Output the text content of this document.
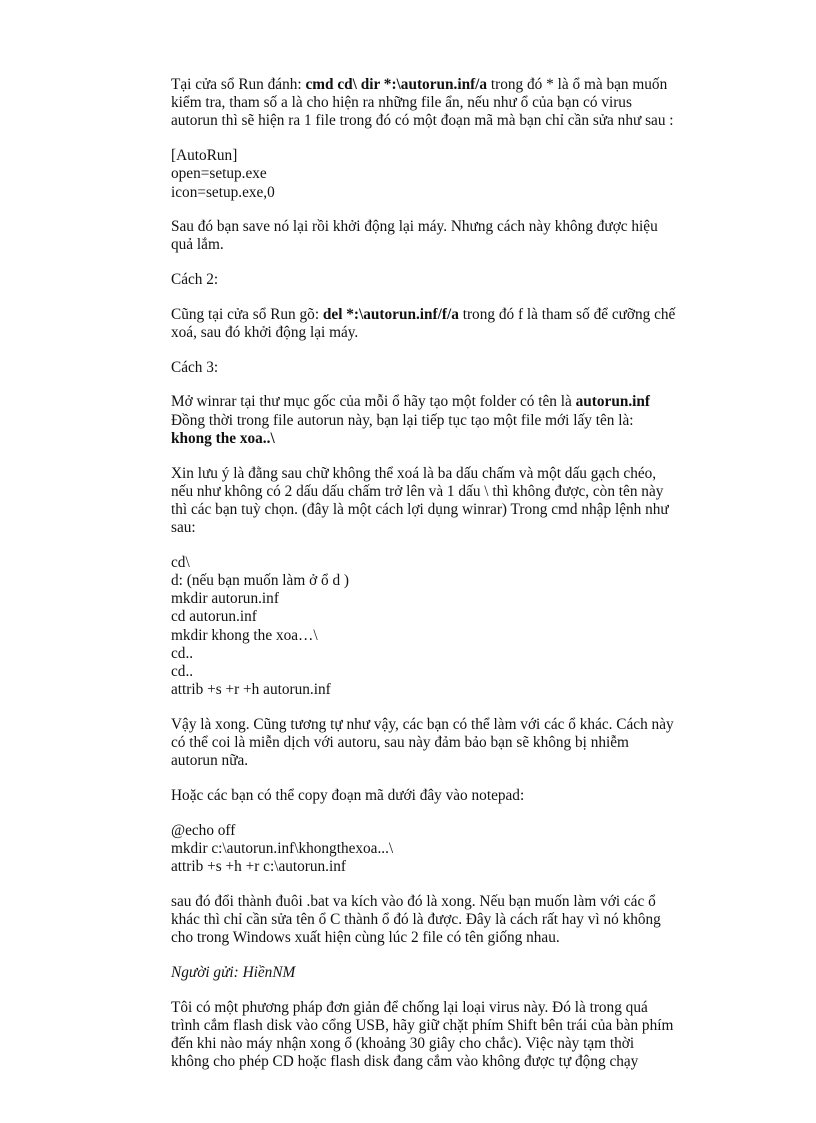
Tại cửa sổ Run đánh: cmd cd\ dir *:\autorun.inf/a trong đó * là ổ mà bạn muốn kiểm tra, tham số a là cho hiện ra những file ẩn, nếu như ổ của bạn có virus autorun thì sẽ hiện ra 1 file trong đó có một đoạn mã mà bạn chỉ cần sửa như sau :

[AutoRun]
open=setup.exe
icon=setup.exe,0

Sau đó bạn save nó lại rồi khởi động lại máy. Nhưng cách này không được hiệu quả lắm.

Cách 2:

Cũng tại cửa sổ Run gõ: del *:\autorun.inf/f/a trong đó f là tham số để cưỡng chế xoá, sau đó khởi động lại máy.

Cách 3:

Mở winrar tại thư mục gốc của mỗi ổ hãy tạo một folder có tên là autorun.inf Đồng thời trong file autorun này, bạn lại tiếp tục tạo một file mới lấy tên là: khong the xoa..\

Xin lưu ý là đằng sau chữ không thể xoá là ba dấu chấm và một dấu gạch chéo, nếu như không có 2 dấu dấu chấm trở lên và 1 dấu \ thì không được, còn tên này thì các bạn tuỳ chọn. (đây là một cách lợi dụng winrar) Trong cmd nhập lệnh như sau:

cd\
d: (nếu bạn muốn làm ở ổ d )
mkdir autorun.inf
cd autorun.inf
mkdir khong the xoa…\
cd..
cd..
attrib +s +r +h autorun.inf

Vậy là xong. Cũng tương tự như vậy, các bạn có thể làm với các ổ khác. Cách này có thể coi là miễn dịch với autoru, sau này đảm bảo bạn sẽ không bị nhiễm autorun nữa.

Hoặc các bạn có thể copy đoạn mã dưới đây vào notepad:

@echo off
mkdir c:\autorun.inf\khongthexoa...\
attrib +s +h +r c:\autorun.inf

sau đó đổi thành đuôi .bat va kích vào đó là xong. Nếu bạn muốn làm với các ổ khác thì chỉ cần sửa tên ổ C thành ổ đó là được. Đây là cách rất hay vì nó không cho trong Windows xuất hiện cùng lúc 2 file có tên giống nhau.

Người gửi: HiềnNM

Tôi có một phương pháp đơn giản để chống lại loại virus này. Đó là trong quá trình cắm flash disk vào cổng USB, hãy giữ chặt phím Shift bên trái của bàn phím đến khi nào máy nhận xong ổ (khoảng 30 giây cho chắc). Việc này tạm thời không cho phép CD hoặc flash disk đang cắm vào không được tự động chạy
